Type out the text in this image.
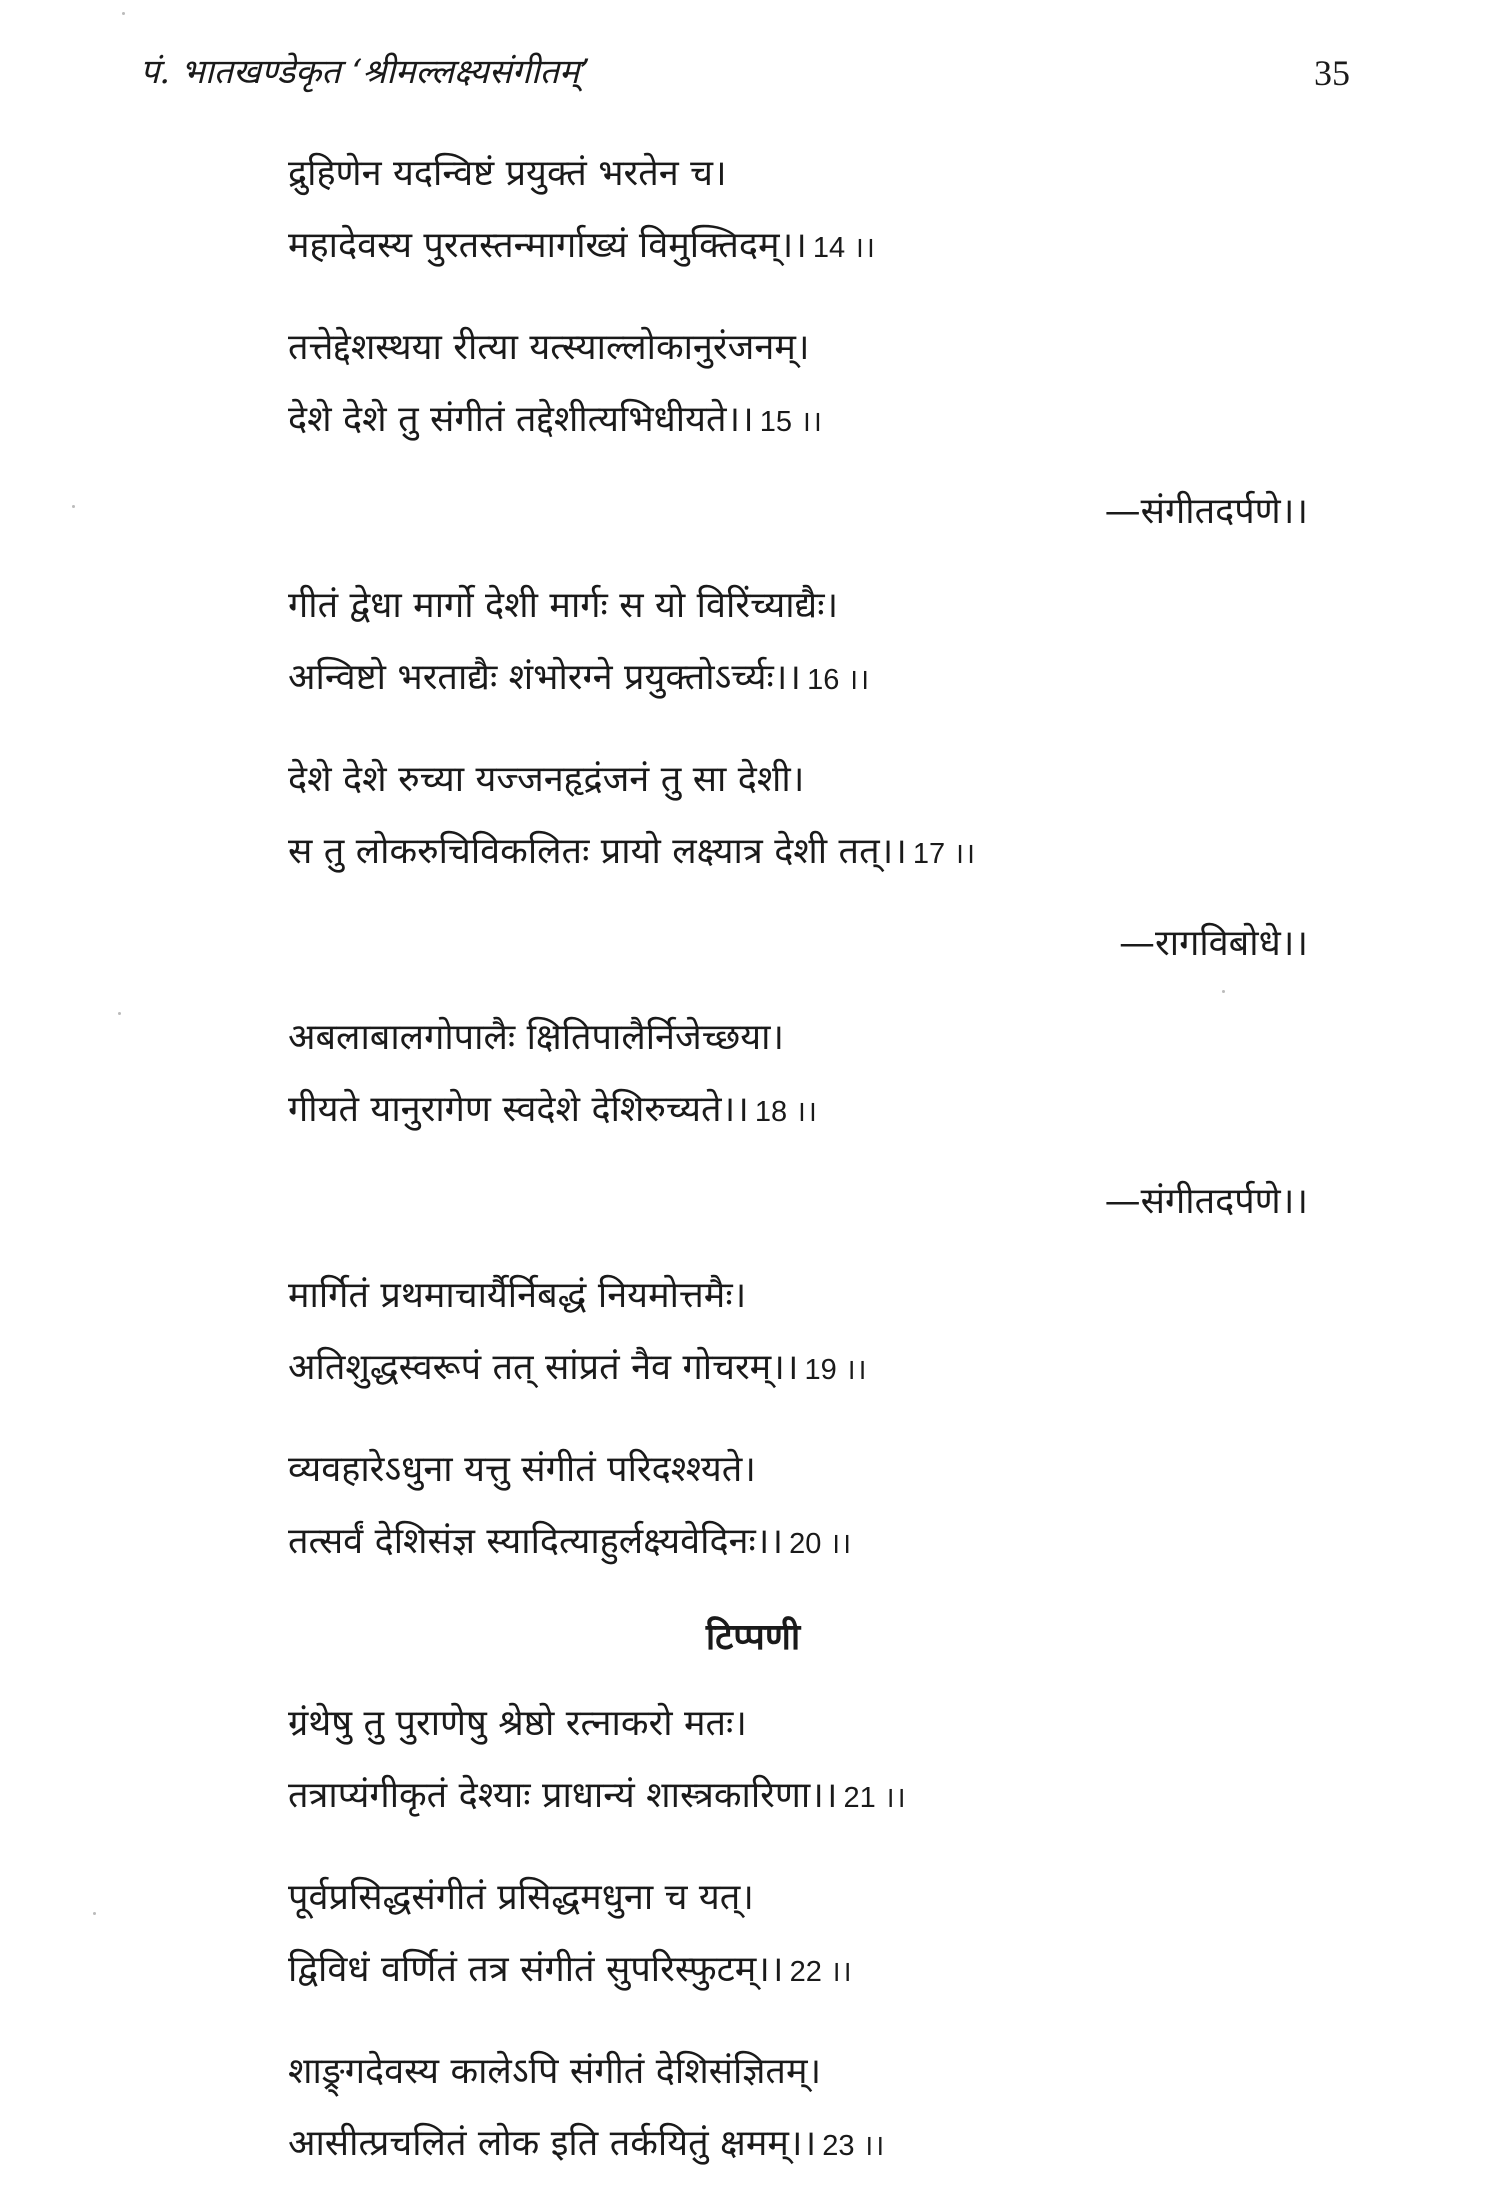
पं. भातखण्डेकृत ‘श्रीमल्लक्ष्यसंगीतम्’	35
द्रुहिणेन यदन्विष्टं प्रयुक्तं भरतेन च।
महादेवस्य पुरतस्तन्मार्गाख्यं विमुक्तिदम्।। 14 ।।
तत्तेद्देशस्थया रीत्या यत्स्याल्लोकानुरंजनम्।
देशे देशे तु संगीतं तद्देशीत्यभिधीयते।। 15 ।।
—संगीतदर्पणे।।
गीतं द्वेधा मार्गो देशी मार्गः स यो विरिंच्याद्यैः।
अन्विष्टो भरताद्यैः शंभोरग्ने प्रयुक्तोऽर्च्यः।। 16 ।।
देशे देशे रुच्या यज्जनहृद्रंजनं तु सा देशी।
स तु लोकरुचिविकलितः प्रायो लक्ष्यात्र देशी तत्।। 17 ।।
—रागविबोधे।।
अबलाबालगोपालैः क्षितिपालैर्निजेच्छया।
गीयते यानुरागेण स्वदेशे देशिरुच्यते।। 18 ।।
—संगीतदर्पणे।।
मार्गितं प्रथमाचार्यैर्निबद्धं नियमोत्तमैः।
अतिशुद्धस्वरूपं तत् सांप्रतं नैव गोचरम्।। 19 ।।
व्यवहारेऽधुना यत्तु संगीतं परिदश्श्यते।
तत्सर्वं देशिसंज्ञ स्यादित्याहुर्लक्ष्यवेदिनः।। 20 ।।
टिप्पणी
ग्रंथेषु तु पुराणेषु श्रेष्ठो रत्नाकरो मतः।
तत्राप्यंगीकृतं देश्याः प्राधान्यं शास्त्रकारिणा।। 21 ।।
पूर्वप्रसिद्धसंगीतं प्रसिद्धमधुना च यत्।
द्विविधं वर्णितं तत्र संगीतं सुपरिस्फुटम्।। 22 ।।
शाङ्र्गदेवस्य कालेऽपि संगीतं देशिसंज्ञितम्।
आसीत्प्रचलितं लोक इति तर्कयितुं क्षमम्।। 23 ।।
